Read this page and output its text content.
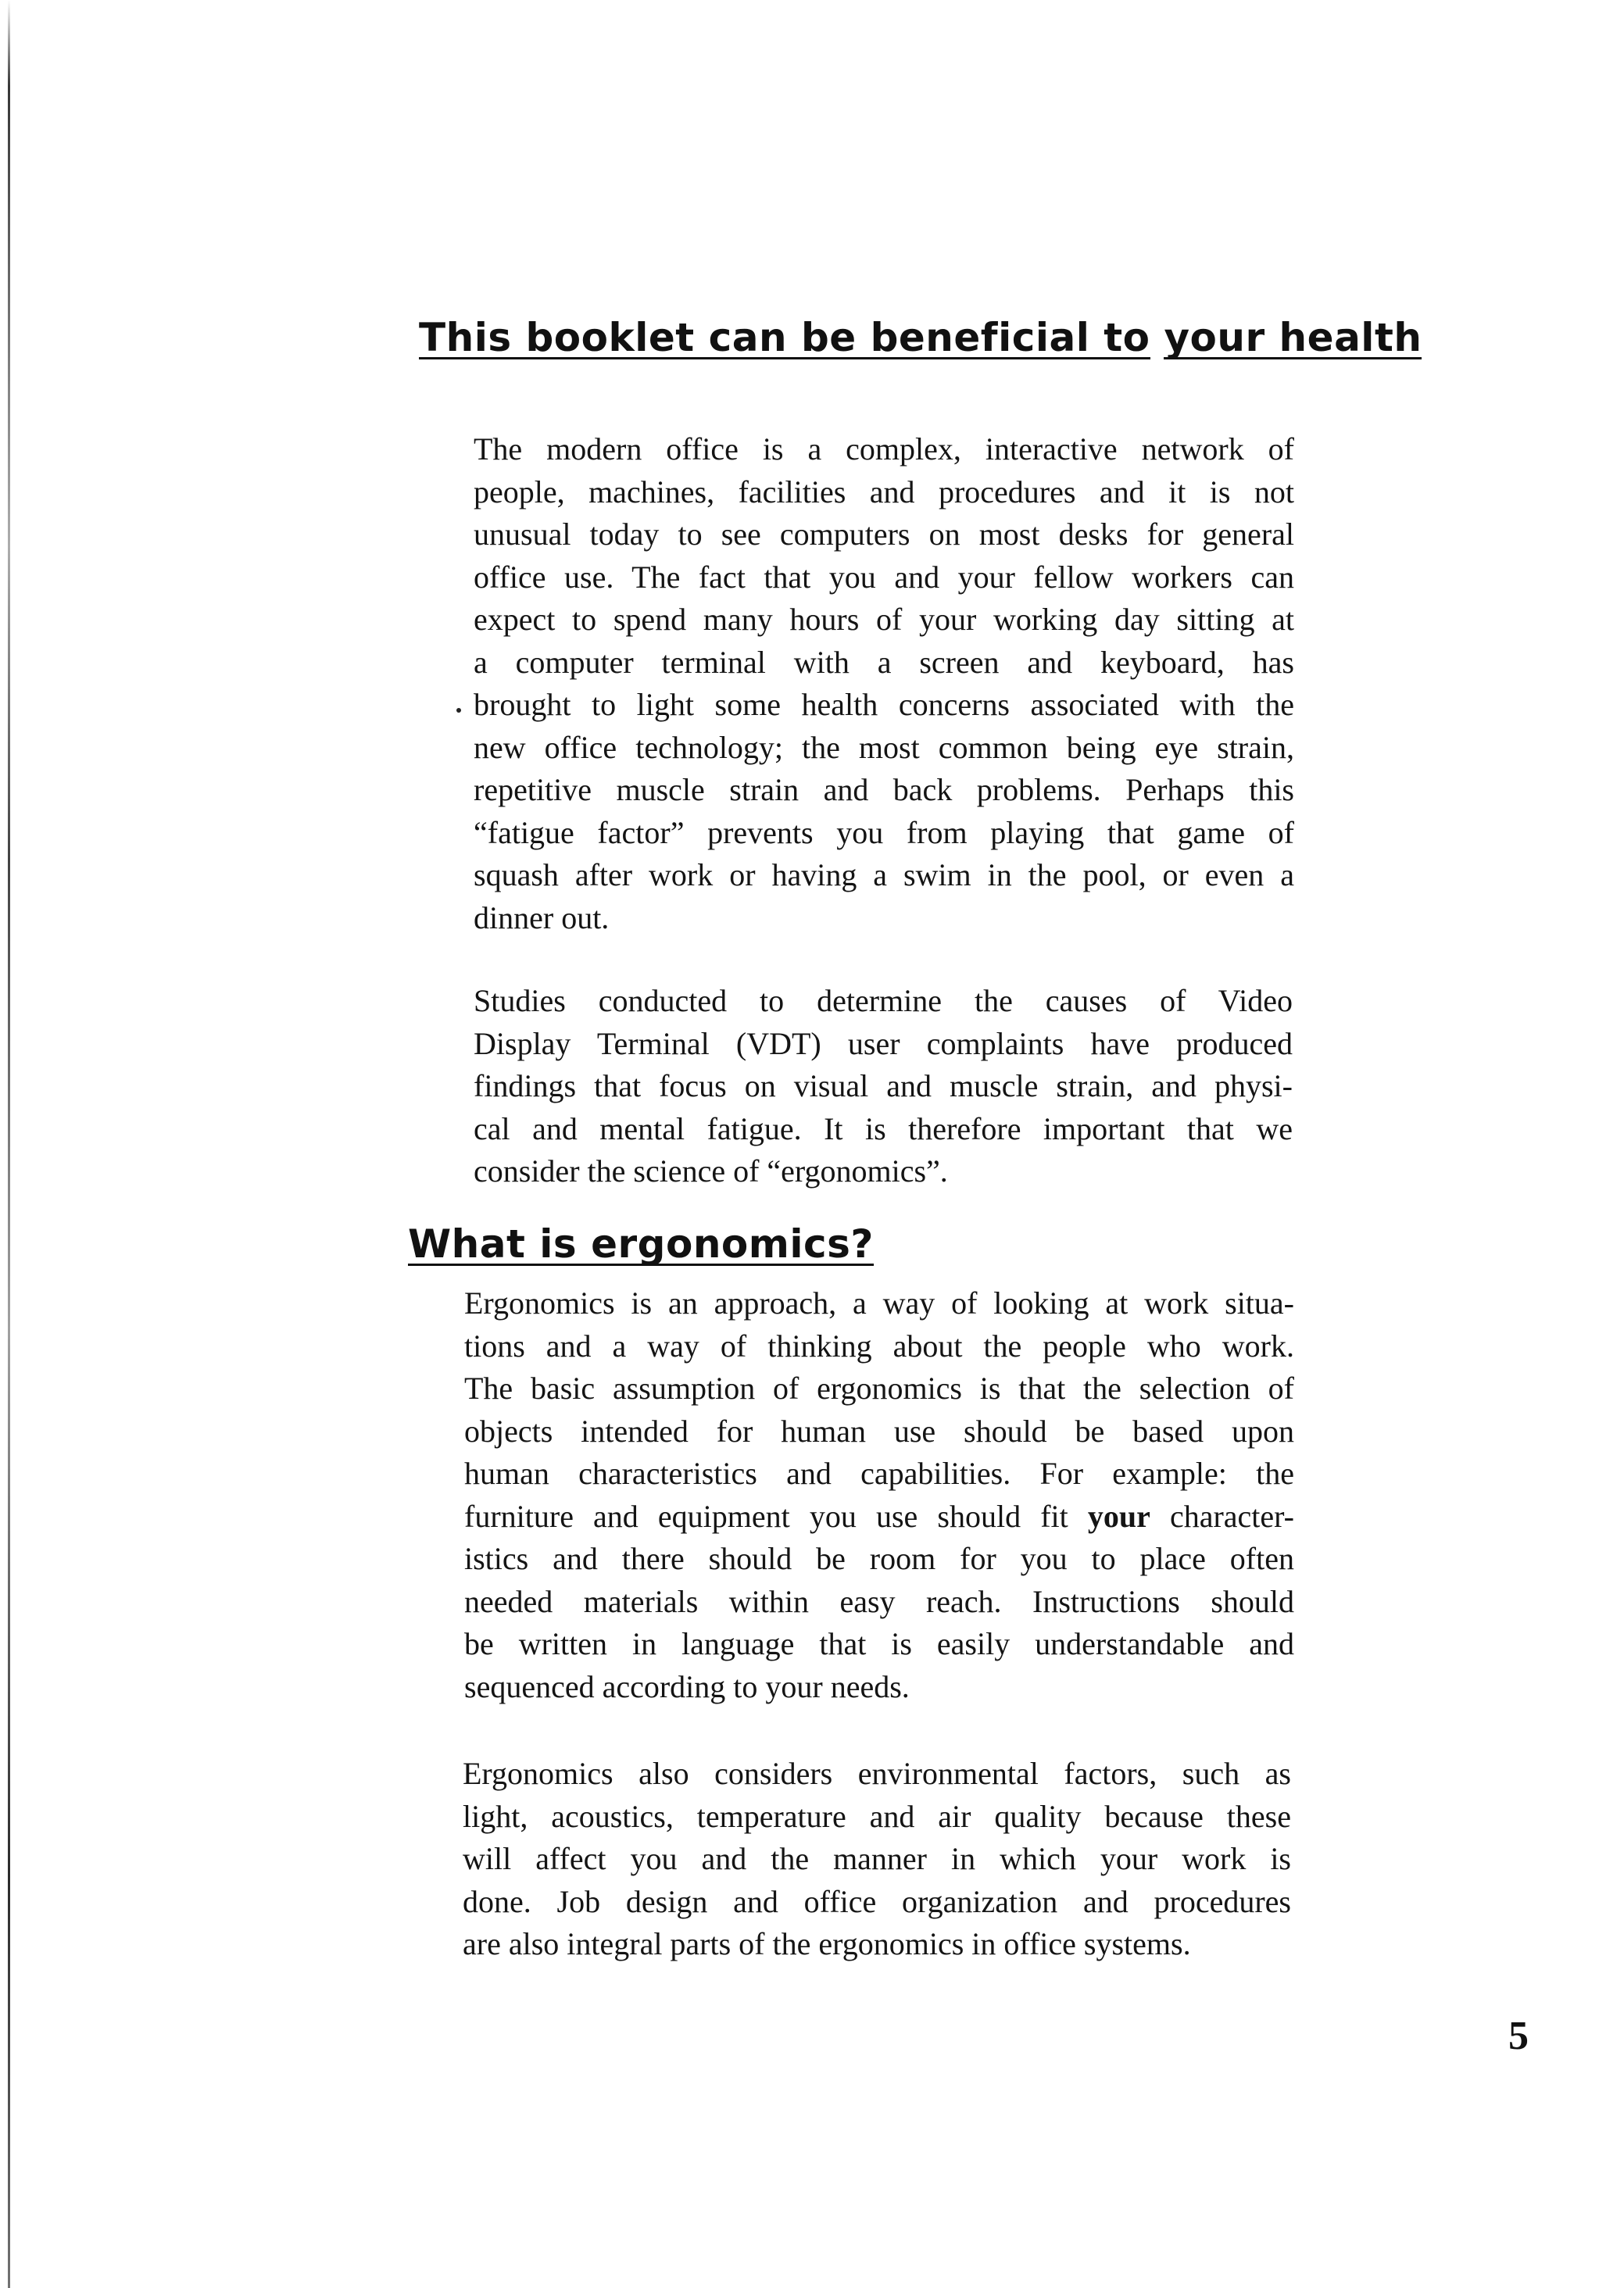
This booklet can be beneficial to your health

The modern office is a complex, interactive network of
people, machines, facilities and procedures and it is not
unusual today to see computers on most desks for general
office use. The fact that you and your fellow workers can
expect to spend many hours of your working day sitting at
a computer terminal with a screen and keyboard, has
brought to light some health concerns associated with the
new office technology; the most common being eye strain,
repetitive muscle strain and back problems. Perhaps this
“fatigue factor” prevents you from playing that game of
squash after work or having a swim in the pool, or even a
dinner out.

Studies conducted to determine the causes of Video
Display Terminal (VDT) user complaints have produced
findings that focus on visual and muscle strain, and physi-
cal and mental fatigue. It is therefore important that we
consider the science of “ergonomics”.

What is ergonomics?

Ergonomics is an approach, a way of looking at work situa-
tions and a way of thinking about the people who work.
The basic assumption of ergonomics is that the selection of
objects intended for human use should be based upon
human characteristics and capabilities. For example: the
furniture and equipment you use should fit your character-
istics and there should be room for you to place often
needed materials within easy reach. Instructions should
be written in language that is easily understandable and
sequenced according to your needs.

Ergonomics also considers environmental factors, such as
light, acoustics, temperature and air quality because these
will affect you and the manner in which your work is
done. Job design and office organization and procedures
are also integral parts of the ergonomics in office systems.

5
